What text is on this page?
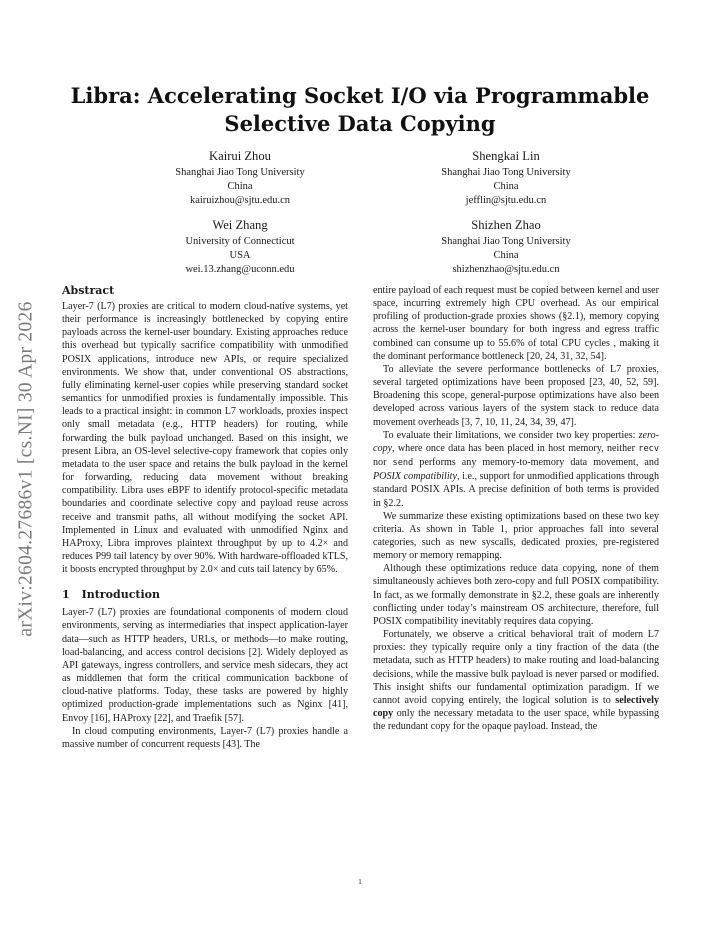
arXiv:2604.27686v1 [cs.NI] 30 Apr 2026
Libra: Accelerating Socket I/O via Programmable Selective Data Copying
Kairui Zhou
Shanghai Jiao Tong University
China
kairuizhou@sjtu.edu.cn
Shengkai Lin
Shanghai Jiao Tong University
China
jefflin@sjtu.edu.cn
Wei Zhang
University of Connecticut
USA
wei.13.zhang@uconn.edu
Shizhen Zhao
Shanghai Jiao Tong University
China
shizhenzhao@sjtu.edu.cn
Abstract

Layer-7 (L7) proxies are critical to modern cloud-native systems, yet their performance is increasingly bottlenecked by copying entire payloads across the kernel-user boundary. Existing approaches reduce this overhead but typically sacrifice compatibility with unmodified POSIX applications, introduce new APIs, or require specialized environments. We show that, under conventional OS abstractions, fully eliminating kernel-user copies while preserving standard socket semantics for unmodified proxies is fundamentally impossible. This leads to a practical insight: in common L7 workloads, proxies inspect only small metadata (e.g., HTTP headers) for routing, while forwarding the bulk payload unchanged. Based on this insight, we present Libra, an OS-level selective-copy framework that copies only metadata to the user space and retains the bulk payload in the kernel for forwarding, reducing data movement without breaking compatibility. Libra uses eBPF to identify protocol-specific metadata boundaries and coordinate selective copy and payload reuse across receive and transmit paths, all without modifying the socket API. Implemented in Linux and evaluated with unmodified Nginx and HAProxy, Libra improves plaintext throughput by up to 4.2× and reduces P99 tail latency by over 90%. With hardware-offloaded kTLS, it boosts encrypted throughput by 2.0× and cuts tail latency by 65%.

1 Introduction

Layer-7 (L7) proxies are foundational components of modern cloud environments, serving as intermediaries that inspect application-layer data—such as HTTP headers, URLs, or methods—to make routing, load-balancing, and access control decisions [2]. Widely deployed as API gateways, ingress controllers, and service mesh sidecars, they act as middlemen that form the critical communication backbone of cloud-native platforms. Today, these tasks are powered by highly optimized production-grade implementations such as Nginx [41], Envoy [16], HAProxy [22], and Traefik [57].

In cloud computing environments, Layer-7 (L7) proxies handle a massive number of concurrent requests [43]. The

entire payload of each request must be copied between kernel and user space, incurring extremely high CPU overhead. As our empirical profiling of production-grade proxies shows (§2.1), memory copying across the kernel-user boundary for both ingress and egress traffic combined can consume up to 55.6% of total CPU cycles , making it the dominant performance bottleneck [20, 24, 31, 32, 54].

To alleviate the severe performance bottlenecks of L7 proxies, several targeted optimizations have been proposed [23, 40, 52, 59]. Broadening this scope, general-purpose optimizations have also been developed across various layers of the system stack to reduce data movement overheads [3, 7, 10, 11, 24, 34, 39, 47].

To evaluate their limitations, we consider two key properties: zero-copy, where once data has been placed in host memory, neither recv nor send performs any memory-to-memory data movement, and POSIX compatibility, i.e., support for unmodified applications through standard POSIX APIs. A precise definition of both terms is provided in §2.2.

We summarize these existing optimizations based on these two key criteria. As shown in Table 1, prior approaches fall into several categories, such as new syscalls, dedicated proxies, pre-registered memory or memory remapping.

Although these optimizations reduce data copying, none of them simultaneously achieves both zero-copy and full POSIX compatibility. In fact, as we formally demonstrate in §2.2, these goals are inherently conflicting under today’s mainstream OS architecture, therefore, full POSIX compatibility inevitably requires data copying.

Fortunately, we observe a critical behavioral trait of modern L7 proxies: they typically require only a tiny fraction of the data (the metadata, such as HTTP headers) to make routing and load-balancing decisions, while the massive bulk payload is never parsed or modified. This insight shifts our fundamental optimization paradigm. If we cannot avoid copying entirely, the logical solution is to selectively copy only the necessary metadata to the user space, while bypassing the redundant copy for the opaque payload. Instead, the

1
